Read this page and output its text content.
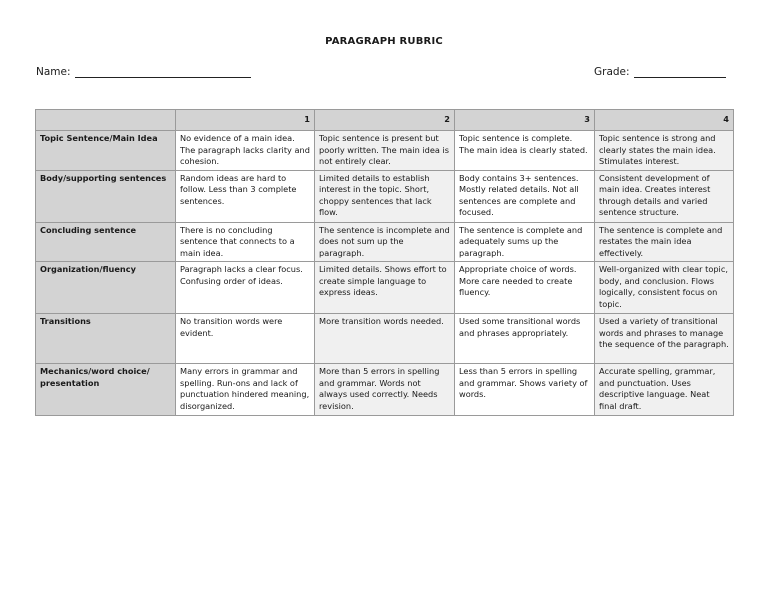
PARAGRAPH RUBRIC
Name:	Grade:
	1	2	3	4
Topic Sentence/Main Idea	No evidence of a main idea. The paragraph lacks clarity and cohesion.	Topic sentence is present but poorly written. The main idea is not entirely clear.	Topic sentence is complete. The main idea is clearly stated.	Topic sentence is strong and clearly states the main idea. Stimulates interest.
Body/supporting sentences	Random ideas are hard to follow. Less than 3 complete sentences.	Limited details to establish interest in the topic. Short, choppy sentences that lack flow.	Body contains 3+ sentences. Mostly related details. Not all sentences are complete and focused.	Consistent development of main idea. Creates interest through details and varied sentence structure.
Concluding sentence	There is no concluding sentence that connects to a main idea.	The sentence is incomplete and does not sum up the paragraph.	The sentence is complete and adequately sums up the paragraph.	The sentence is complete and restates the main idea effectively.
Organization/fluency	Paragraph lacks a clear focus. Confusing order of ideas.	Limited details. Shows effort to create simple language to express ideas.	Appropriate choice of words. More care needed to create fluency.	Well-organized with clear topic, body, and conclusion. Flows logically, consistent focus on topic.
Transitions	No transition words were evident.	More transition words needed.	Used some transitional words and phrases appropriately.	Used a variety of transitional words and phrases to manage the sequence of the paragraph.
Mechanics/word choice/ presentation	Many errors in grammar and spelling. Run-ons and lack of punctuation hindered meaning, disorganized.	More than 5 errors in spelling and grammar. Words not always used correctly. Needs revision.	Less than 5 errors in spelling and grammar. Shows variety of words.	Accurate spelling, grammar, and punctuation. Uses descriptive language. Neat final draft.
